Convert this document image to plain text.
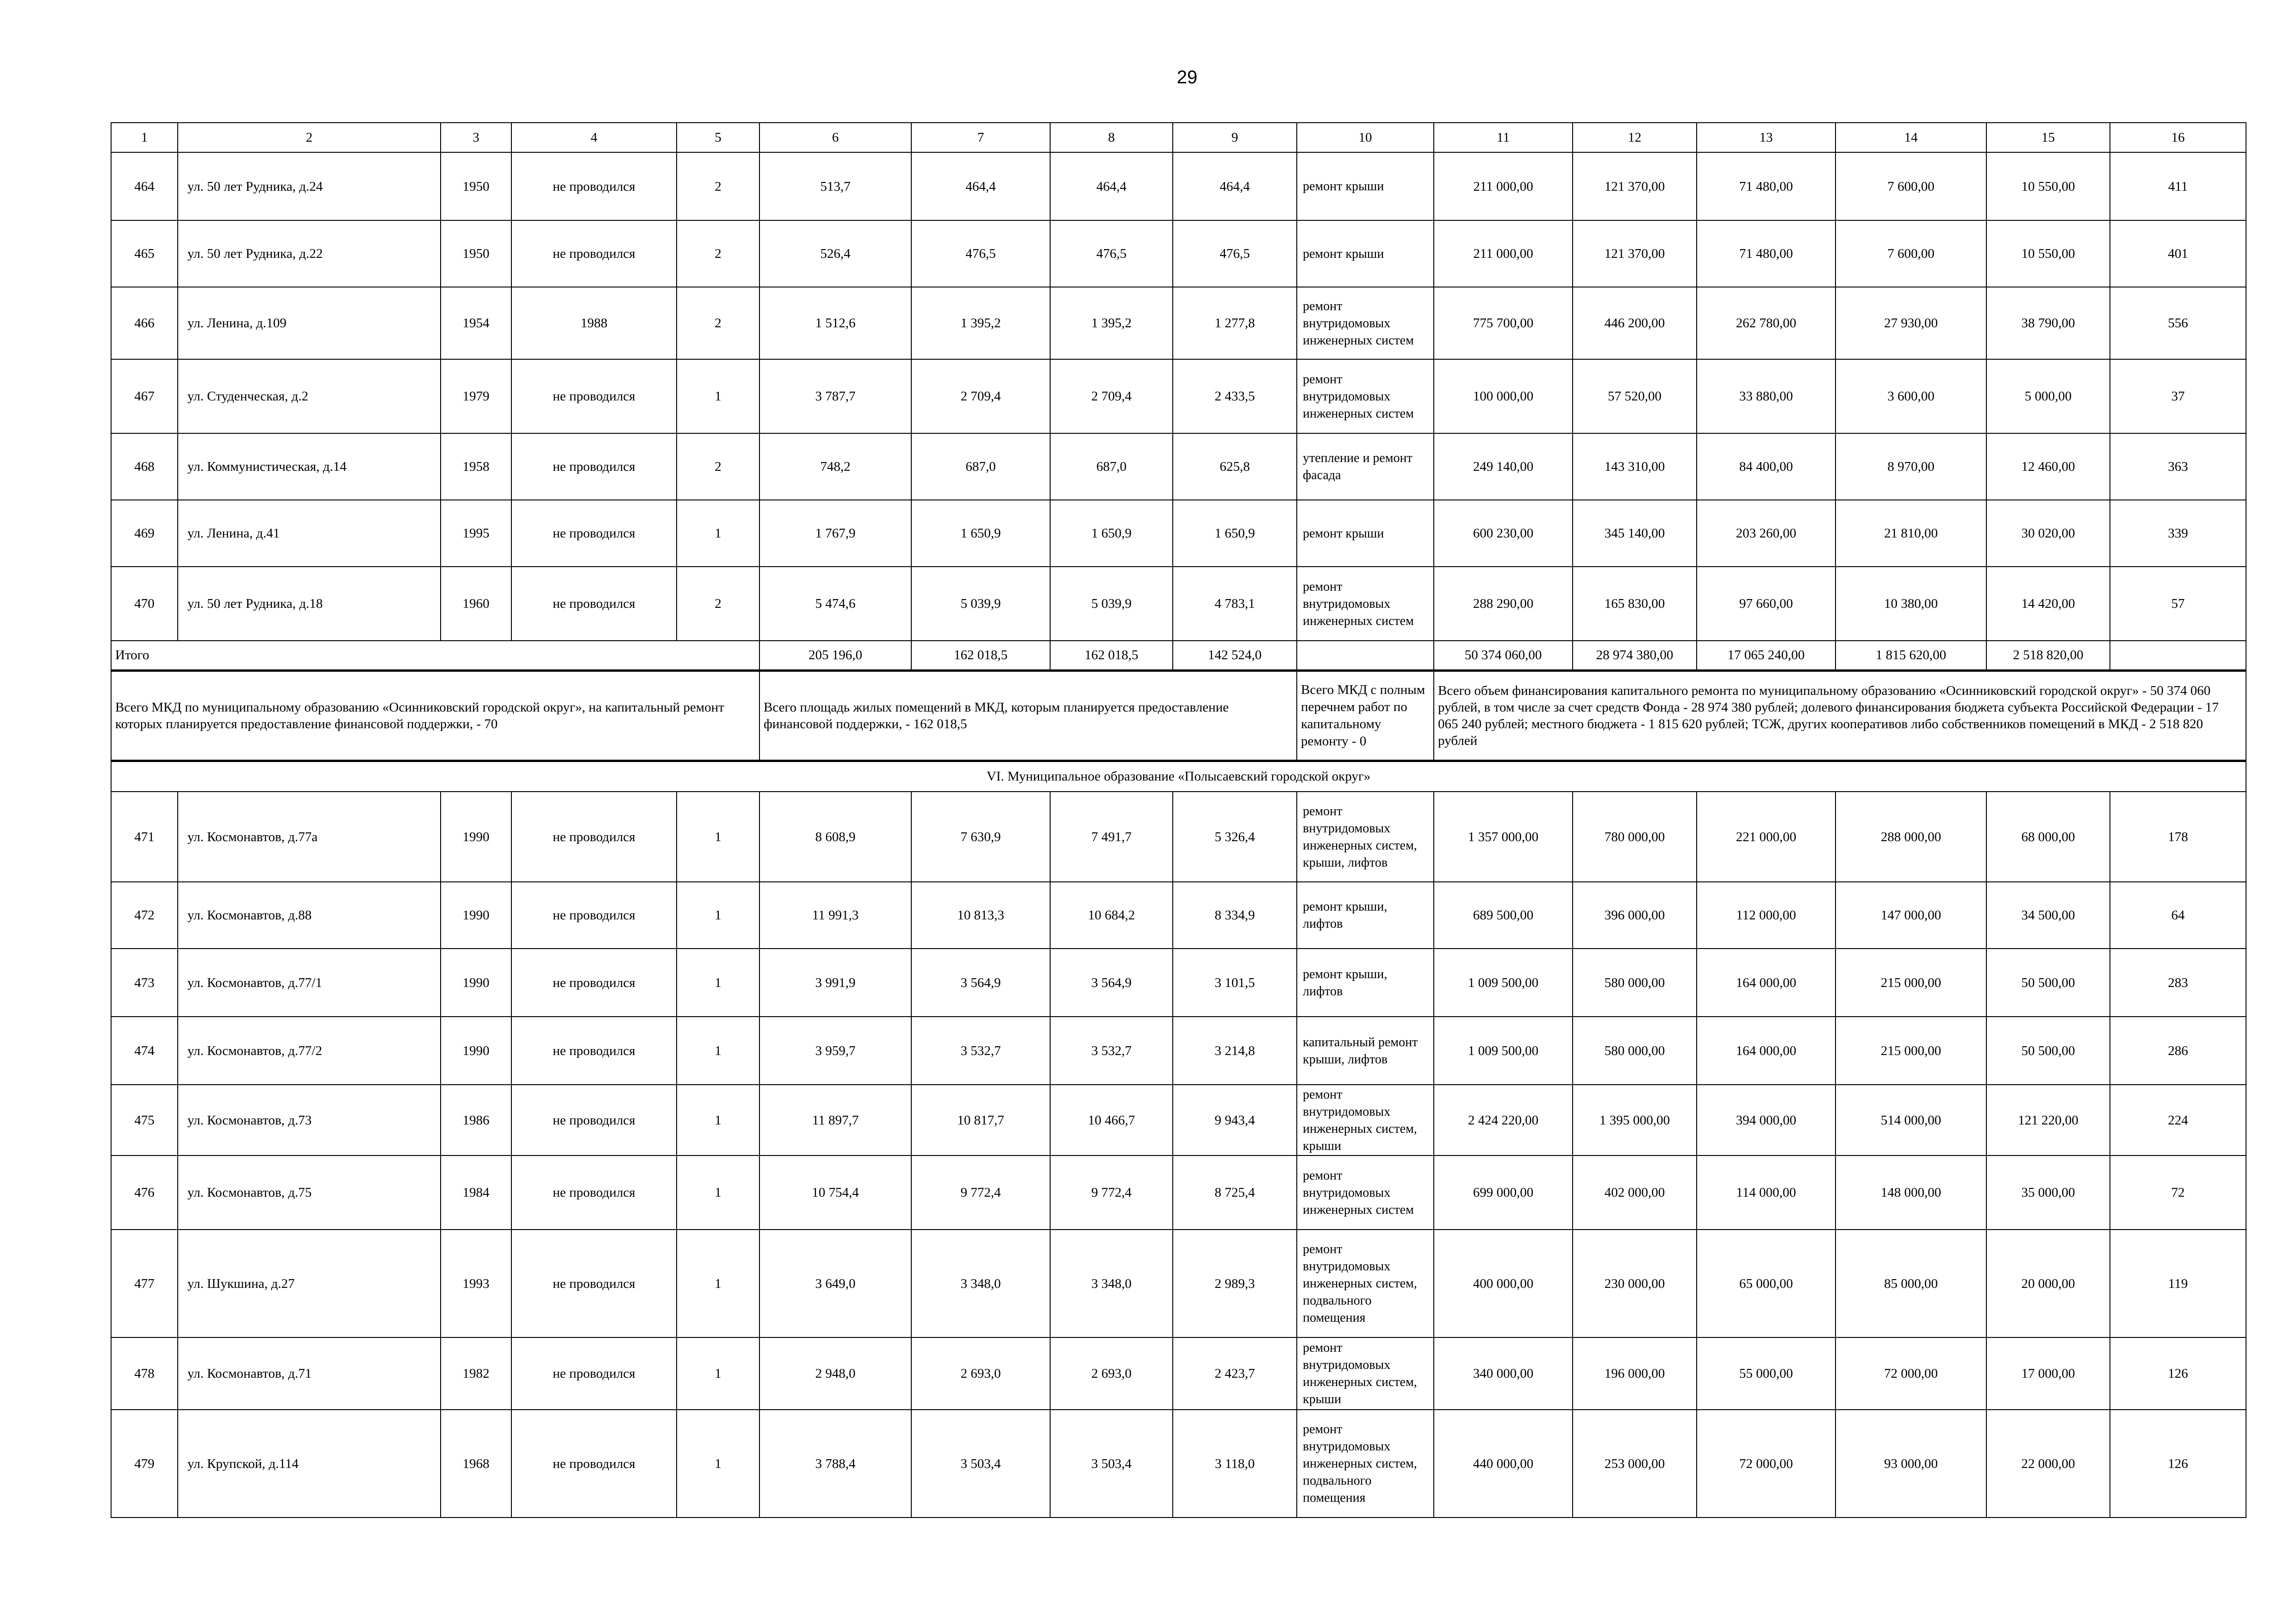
29
1	2	3	4	5	6	7	8	9	10	11	12	13	14	15	16
464	ул. 50 лет Рудника, д.24	1950	не проводился	2	513,7	464,4	464,4	464,4	ремонт крыши	211 000,00	121 370,00	71 480,00	7 600,00	10 550,00	411
465	ул. 50 лет Рудника, д.22	1950	не проводился	2	526,4	476,5	476,5	476,5	ремонт крыши	211 000,00	121 370,00	71 480,00	7 600,00	10 550,00	401
466	ул. Ленина, д.109	1954	1988	2	1 512,6	1 395,2	1 395,2	1 277,8	ремонт внутридомовых инженерных систем	775 700,00	446 200,00	262 780,00	27 930,00	38 790,00	556
467	ул. Студенческая, д.2	1979	не проводился	1	3 787,7	2 709,4	2 709,4	2 433,5	ремонт внутридомовых инженерных систем	100 000,00	57 520,00	33 880,00	3 600,00	5 000,00	37
468	ул. Коммунистическая, д.14	1958	не проводился	2	748,2	687,0	687,0	625,8	утепление и ремонт фасада	249 140,00	143 310,00	84 400,00	8 970,00	12 460,00	363
469	ул. Ленина, д.41	1995	не проводился	1	1 767,9	1 650,9	1 650,9	1 650,9	ремонт крыши	600 230,00	345 140,00	203 260,00	21 810,00	30 020,00	339
470	ул. 50 лет Рудника, д.18	1960	не проводился	2	5 474,6	5 039,9	5 039,9	4 783,1	ремонт внутридомовых инженерных систем	288 290,00	165 830,00	97 660,00	10 380,00	14 420,00	57
Итого					205 196,0	162 018,5	162 018,5	142 524,0		50 374 060,00	28 974 380,00	17 065 240,00	1 815 620,00	2 518 820,00	
Всего МКД по муниципальному образованию «Осинниковский городской округ», на капитальный ремонт которых планируется предоставление финансовой поддержки, - 70					Всего площадь жилых помещений в МКД, которым планируется предоставление финансовой поддержки, - 162 018,5				Всего МКД с полным перечнем работ по капитальному ремонту - 0	Всего объем финансирования капитального ремонта по муниципальному образованию «Осинниковский городской округ» - 50 374 060 рублей, в том числе за счет средств Фонда - 28 974 380 рублей; долевого финансирования бюджета субъекта Российской Федерации - 17 065 240 рублей; местного бюджета - 1 815 620 рублей; ТСЖ, других кооперативов либо собственников помещений в МКД - 2 518 820 рублей					
VI. Муниципальное образование «Полысаевский городской округ»															
471	ул. Космонавтов, д.77а	1990	не проводился	1	8 608,9	7 630,9	7 491,7	5 326,4	ремонт внутридомовых инженерных систем, крыши, лифтов	1 357 000,00	780 000,00	221 000,00	288 000,00	68 000,00	178
472	ул. Космонавтов, д.88	1990	не проводился	1	11 991,3	10 813,3	10 684,2	8 334,9	ремонт крыши, лифтов	689 500,00	396 000,00	112 000,00	147 000,00	34 500,00	64
473	ул. Космонавтов, д.77/1	1990	не проводился	1	3 991,9	3 564,9	3 564,9	3 101,5	ремонт крыши, лифтов	1 009 500,00	580 000,00	164 000,00	215 000,00	50 500,00	283
474	ул. Космонавтов, д.77/2	1990	не проводился	1	3 959,7	3 532,7	3 532,7	3 214,8	капитальный ремонт крыши, лифтов	1 009 500,00	580 000,00	164 000,00	215 000,00	50 500,00	286
475	ул. Космонавтов, д.73	1986	не проводился	1	11 897,7	10 817,7	10 466,7	9 943,4	ремонт внутридомовых инженерных систем, крыши	2 424 220,00	1 395 000,00	394 000,00	514 000,00	121 220,00	224
476	ул. Космонавтов, д.75	1984	не проводился	1	10 754,4	9 772,4	9 772,4	8 725,4	ремонт внутридомовых инженерных систем	699 000,00	402 000,00	114 000,00	148 000,00	35 000,00	72
477	ул. Шукшина, д.27	1993	не проводился	1	3 649,0	3 348,0	3 348,0	2 989,3	ремонт внутридомовых инженерных систем, подвального помещения	400 000,00	230 000,00	65 000,00	85 000,00	20 000,00	119
478	ул. Космонавтов, д.71	1982	не проводился	1	2 948,0	2 693,0	2 693,0	2 423,7	ремонт внутридомовых инженерных систем, крыши	340 000,00	196 000,00	55 000,00	72 000,00	17 000,00	126
479	ул. Крупской, д.114	1968	не проводился	1	3 788,4	3 503,4	3 503,4	3 118,0	ремонт внутридомовых инженерных систем, подвального помещения	440 000,00	253 000,00	72 000,00	93 000,00	22 000,00	126
